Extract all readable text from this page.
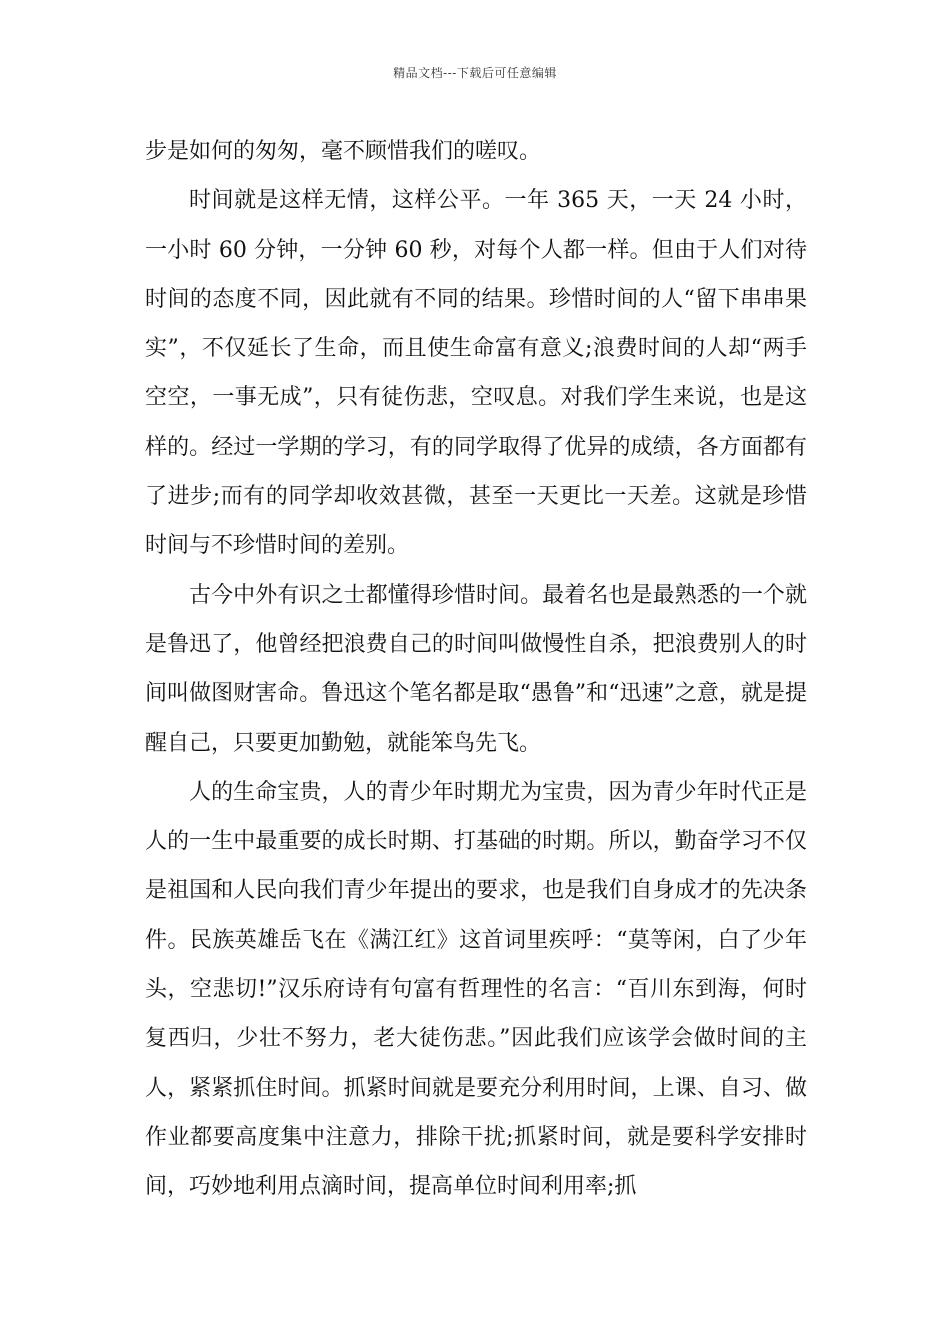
精品文档---下载后可任意编辑

步是如何的匆匆，毫不顾惜我们的嗟叹。

时间就是这样无情，这样公平。一年 365 天，一天 24 小时，一小时 60 分钟，一分钟 60 秒，对每个人都一样。但由于人们对待时间的态度不同，因此就有不同的结果。珍惜时间的人“留下串串果实”，不仅延长了生命，而且使生命富有意义;浪费时间的人却“两手空空，一事无成”，只有徒伤悲，空叹息。对我们学生来说，也是这样的。经过一学期的学习，有的同学取得了优异的成绩，各方面都有了进步;而有的同学却收效甚微，甚至一天更比一天差。这就是珍惜时间与不珍惜时间的差别。

古今中外有识之士都懂得珍惜时间。最着名也是最熟悉的一个就是鲁迅了，他曾经把浪费自己的时间叫做慢性自杀，把浪费别人的时间叫做图财害命。鲁迅这个笔名都是取“愚鲁”和“迅速”之意，就是提醒自己，只要更加勤勉，就能笨鸟先飞。

人的生命宝贵，人的青少年时期尤为宝贵，因为青少年时代正是人的一生中最重要的成长时期、打基础的时期。所以，勤奋学习不仅是祖国和人民向我们青少年提出的要求，也是我们自身成才的先决条件。民族英雄岳飞在《满江红》这首词里疾呼：“莫等闲，白了少年头，空悲切!”汉乐府诗有句富有哲理性的名言：“百川东到海，何时复西归，少壮不努力，老大徒伤悲。”因此我们应该学会做时间的主人，紧紧抓住时间。抓紧时间就是要充分利用时间，上课、自习、做作业都要高度集中注意力，排除干扰;抓紧时间，就是要科学安排时间，巧妙地利用点滴时间，提高单位时间利用率;抓
